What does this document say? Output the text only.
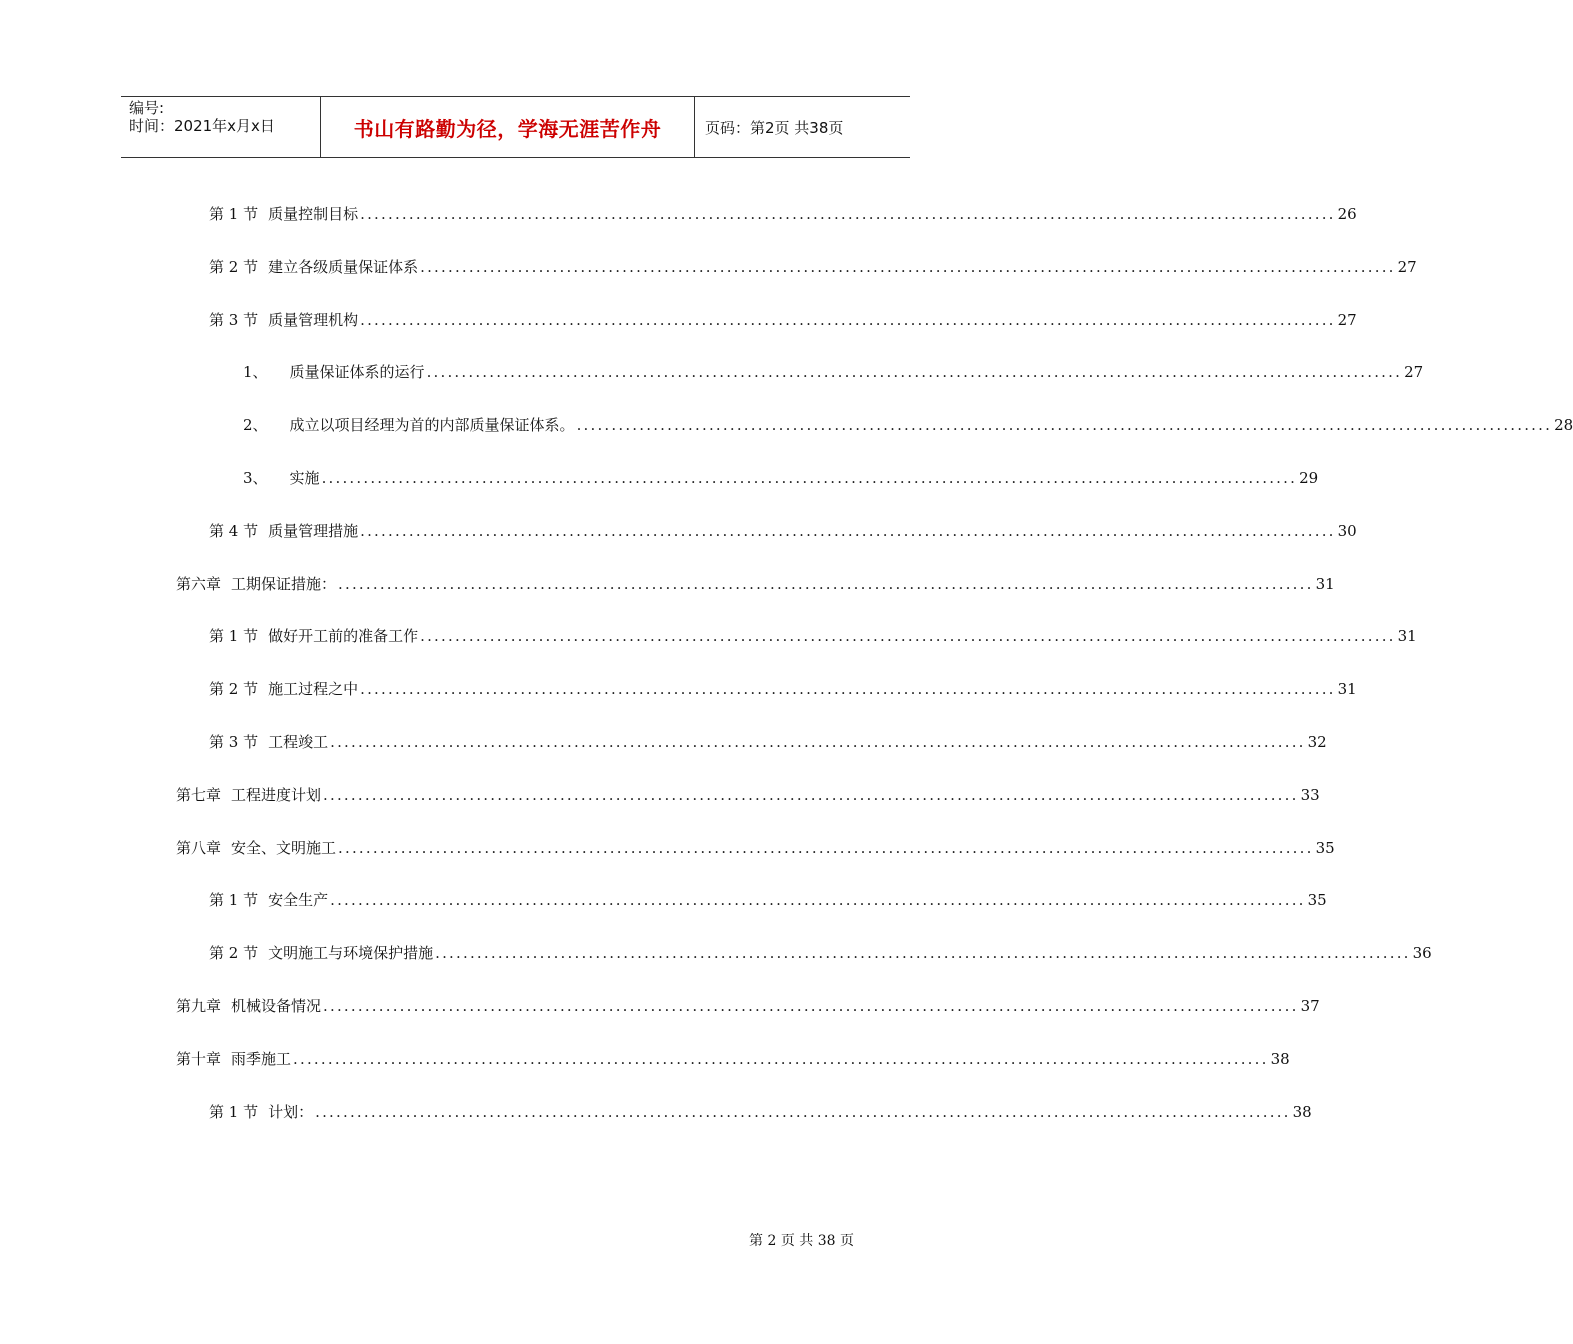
编号:
时间：2021年x月x日	书山有路勤为径，学海无涯苦作舟	页码：第2页 共38页
第 1 节 质量控制目标 ............................................................................................................................................ 26
第 2 节 建立各级质量保证体系 ............................................................................................................................................ 27
第 3 节 质量管理机构 ............................................................................................................................................ 27
1、 质量保证体系的运行 ............................................................................................................................................ 27
2、 成立以项目经理为首的内部质量保证体系。 ............................................................................................................................................ 28
3、 实施 ............................................................................................................................................ 29
第 4 节 质量管理措施 ............................................................................................................................................ 30
第六章 工期保证措施： ............................................................................................................................................ 31
第 1 节 做好开工前的准备工作 ............................................................................................................................................ 31
第 2 节 施工过程之中 ............................................................................................................................................ 31
第 3 节 工程竣工 ............................................................................................................................................ 32
第七章 工程进度计划 ............................................................................................................................................ 33
第八章 安全、文明施工 ............................................................................................................................................ 35
第 1 节 安全生产 ............................................................................................................................................ 35
第 2 节 文明施工与环境保护措施 ............................................................................................................................................ 36
第九章 机械设备情况 ............................................................................................................................................ 37
第十章 雨季施工 ............................................................................................................................................ 38
第 1 节 计划： ............................................................................................................................................ 38
第 2 页 共 38 页
